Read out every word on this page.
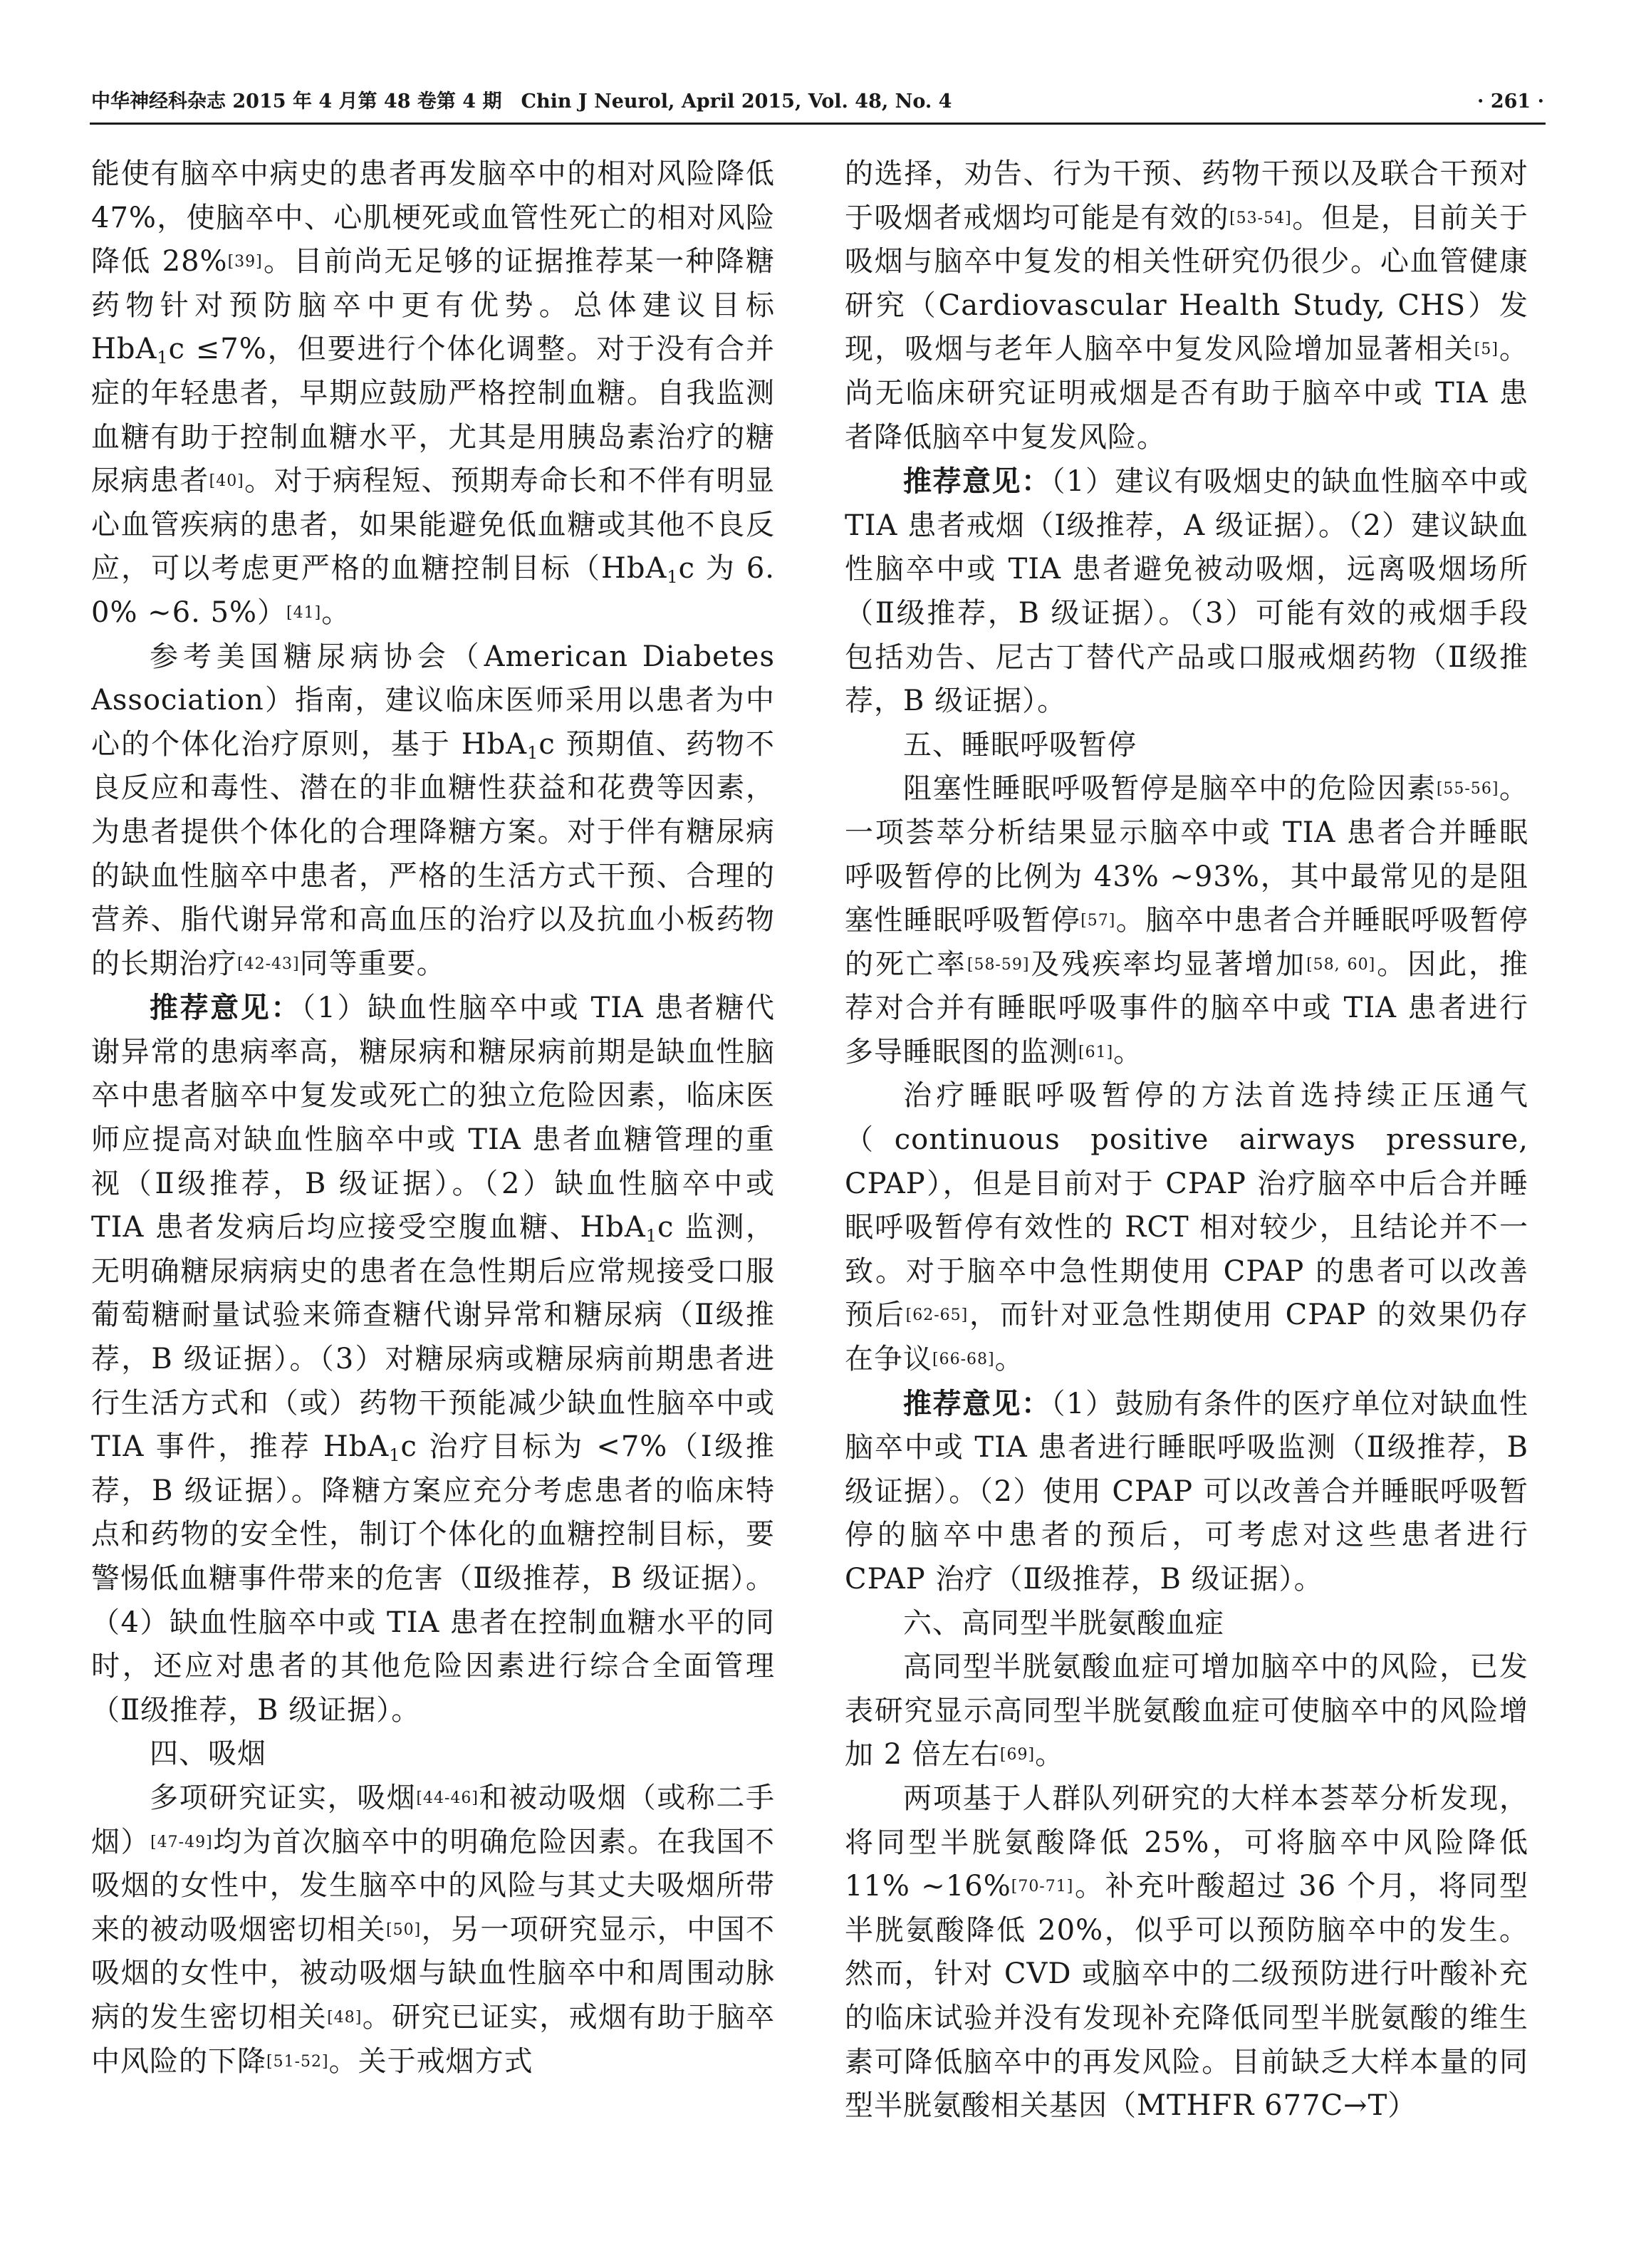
中华神经科杂志 2015 年 4 月第 48 卷第 4 期　Chin J Neurol, April 2015, Vol. 48, No. 4	· 261 ·

能使有脑卒中病史的患者再发脑卒中的相对风险降低 47%，使脑卒中、心肌梗死或血管性死亡的相对风险降低 28%[39]。目前尚无足够的证据推荐某一种降糖药物针对预防脑卒中更有优势。总体建议目标 HbA$_1$c ≤7%，但要进行个体化调整。对于没有合并症的年轻患者，早期应鼓励严格控制血糖。自我监测血糖有助于控制血糖水平，尤其是用胰岛素治疗的糖尿病患者[40]。对于病程短、预期寿命长和不伴有明显心血管疾病的患者，如果能避免低血糖或其他不良反应，可以考虑更严格的血糖控制目标（HbA$_1$c 为 6. 0% ~6. 5%）[41]。

参考美国糖尿病协会（American Diabetes Association）指南，建议临床医师采用以患者为中心的个体化治疗原则，基于 HbA$_1$c 预期值、药物不良反应和毒性、潜在的非血糖性获益和花费等因素，为患者提供个体化的合理降糖方案。对于伴有糖尿病的缺血性脑卒中患者，严格的生活方式干预、合理的营养、脂代谢异常和高血压的治疗以及抗血小板药物的长期治疗[42-43]同等重要。

推荐意见：（1）缺血性脑卒中或 TIA 患者糖代谢异常的患病率高，糖尿病和糖尿病前期是缺血性脑卒中患者脑卒中复发或死亡的独立危险因素，临床医师应提高对缺血性脑卒中或 TIA 患者血糖管理的重视（Ⅱ级推荐，B 级证据）。（2）缺血性脑卒中或 TIA 患者发病后均应接受空腹血糖、HbA$_1$c 监测，无明确糖尿病病史的患者在急性期后应常规接受口服葡萄糖耐量试验来筛查糖代谢异常和糖尿病（Ⅱ级推荐，B 级证据）。（3）对糖尿病或糖尿病前期患者进行生活方式和（或）药物干预能减少缺血性脑卒中或 TIA 事件，推荐 HbA$_1$c 治疗目标为 <7%（Ⅰ级推荐，B 级证据）。降糖方案应充分考虑患者的临床特点和药物的安全性，制订个体化的血糖控制目标，要警惕低血糖事件带来的危害（Ⅱ级推荐，B 级证据）。（4）缺血性脑卒中或 TIA 患者在控制血糖水平的同时，还应对患者的其他危险因素进行综合全面管理（Ⅱ级推荐，B 级证据）。

四、吸烟

多项研究证实，吸烟[44-46]和被动吸烟（或称二手烟）[47-49]均为首次脑卒中的明确危险因素。在我国不吸烟的女性中，发生脑卒中的风险与其丈夫吸烟所带来的被动吸烟密切相关[50]，另一项研究显示，中国不吸烟的女性中，被动吸烟与缺血性脑卒中和周围动脉病的发生密切相关[48]。研究已证实，戒烟有助于脑卒中风险的下降[51-52]。关于戒烟方式

的选择，劝告、行为干预、药物干预以及联合干预对于吸烟者戒烟均可能是有效的[53-54]。但是，目前关于吸烟与脑卒中复发的相关性研究仍很少。心血管健康研究（Cardiovascular Health Study, CHS）发现，吸烟与老年人脑卒中复发风险增加显著相关[5]。尚无临床研究证明戒烟是否有助于脑卒中或 TIA 患者降低脑卒中复发风险。

推荐意见：（1）建议有吸烟史的缺血性脑卒中或 TIA 患者戒烟（Ⅰ级推荐，A 级证据）。（2）建议缺血性脑卒中或 TIA 患者避免被动吸烟，远离吸烟场所（Ⅱ级推荐，B 级证据）。（3）可能有效的戒烟手段包括劝告、尼古丁替代产品或口服戒烟药物（Ⅱ级推荐，B 级证据）。

五、睡眠呼吸暂停

阻塞性睡眠呼吸暂停是脑卒中的危险因素[55-56]。一项荟萃分析结果显示脑卒中或 TIA 患者合并睡眠呼吸暂停的比例为 43% ~93%，其中最常见的是阻塞性睡眠呼吸暂停[57]。脑卒中患者合并睡眠呼吸暂停的死亡率[58-59]及残疾率均显著增加[58, 60]。因此，推荐对合并有睡眠呼吸事件的脑卒中或 TIA 患者进行多导睡眠图的监测[61]。

治疗睡眠呼吸暂停的方法首选持续正压通气（continuous positive airways pressure, CPAP），但是目前对于 CPAP 治疗脑卒中后合并睡眠呼吸暂停有效性的 RCT 相对较少，且结论并不一致。对于脑卒中急性期使用 CPAP 的患者可以改善预后[62-65]，而针对亚急性期使用 CPAP 的效果仍存在争议[66-68]。

推荐意见：（1）鼓励有条件的医疗单位对缺血性脑卒中或 TIA 患者进行睡眠呼吸监测（Ⅱ级推荐，B 级证据）。（2）使用 CPAP 可以改善合并睡眠呼吸暂停的脑卒中患者的预后，可考虑对这些患者进行 CPAP 治疗（Ⅱ级推荐，B 级证据）。

六、高同型半胱氨酸血症

高同型半胱氨酸血症可增加脑卒中的风险，已发表研究显示高同型半胱氨酸血症可使脑卒中的风险增加 2 倍左右[69]。

两项基于人群队列研究的大样本荟萃分析发现，将同型半胱氨酸降低 25%，可将脑卒中风险降低 11% ~16%[70-71]。补充叶酸超过 36 个月，将同型半胱氨酸降低 20%，似乎可以预防脑卒中的发生。然而，针对 CVD 或脑卒中的二级预防进行叶酸补充的临床试验并没有发现补充降低同型半胱氨酸的维生素可降低脑卒中的再发风险。目前缺乏大样本量的同型半胱氨酸相关基因（MTHFR 677C→T）
